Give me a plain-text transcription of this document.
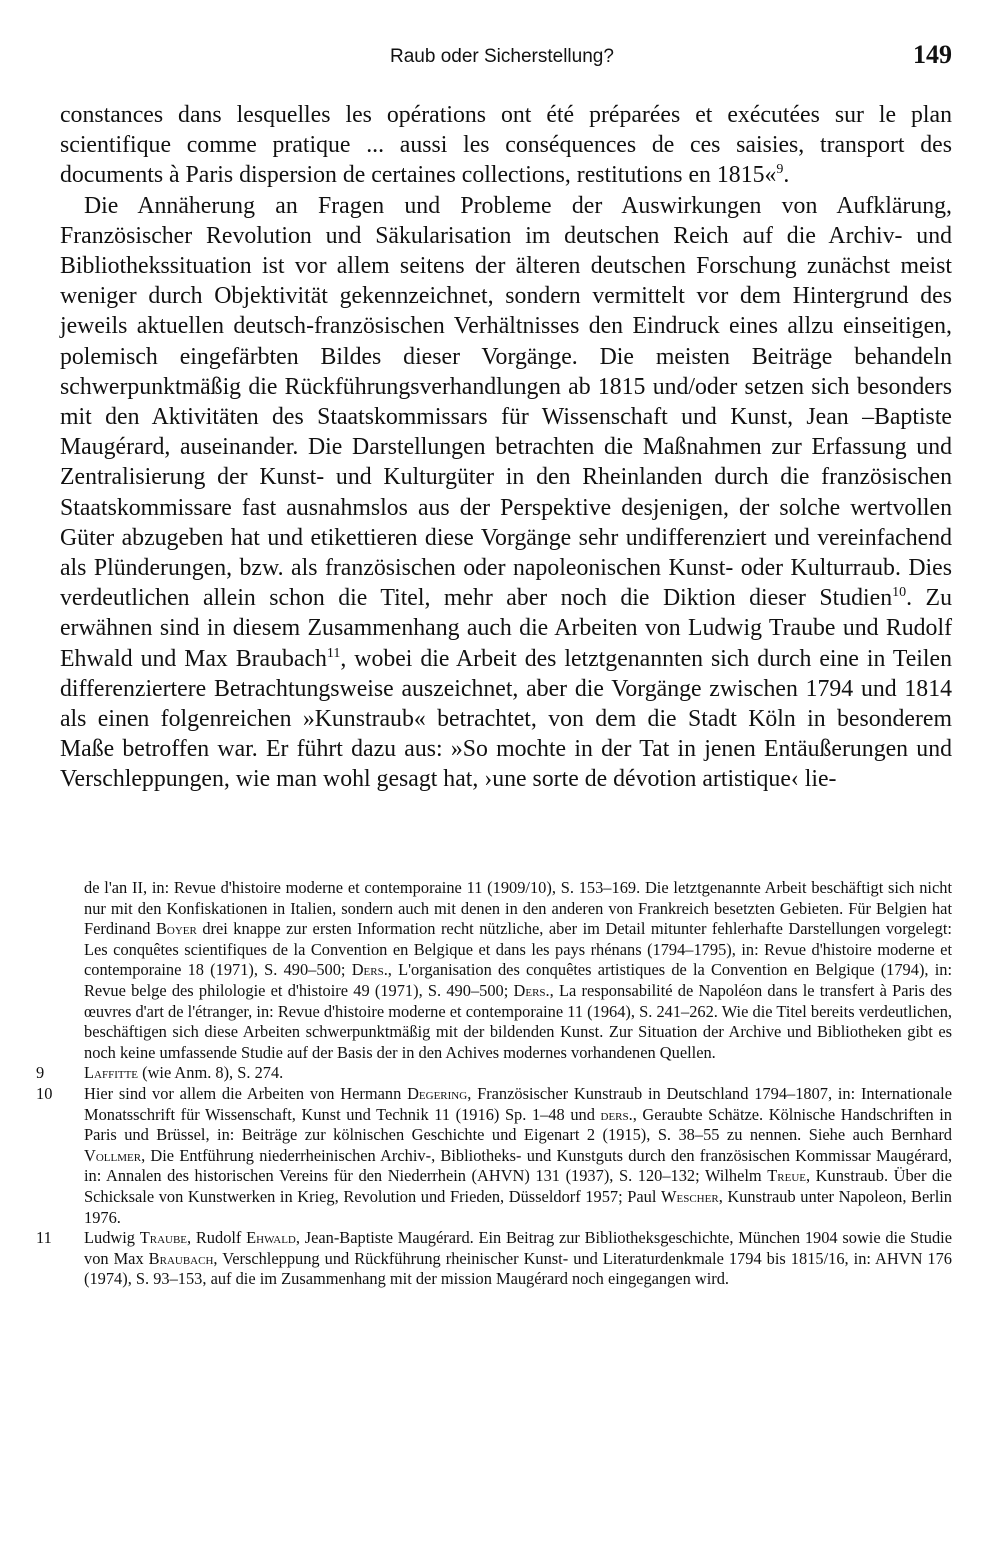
Raub oder Sicherstellung?	149

constances dans lesquelles les opérations ont été préparées et exécutées sur le plan scientifique comme pratique ... aussi les conséquences de ces saisies, transport des documents à Paris dispersion de certaines collections, restitutions en 1815«$^9$.

Die Annäherung an Fragen und Probleme der Auswirkungen von Aufklärung, Französischer Revolution und Säkularisation im deutschen Reich auf die Archiv- und Bibliothekssituation ist vor allem seitens der älteren deutschen Forschung zunächst meist weniger durch Objektivität gekennzeichnet, sondern vermittelt vor dem Hintergrund des jeweils aktuellen deutsch-französischen Verhältnisses den Eindruck eines allzu einseitigen, polemisch eingefärbten Bildes dieser Vorgänge. Die meisten Beiträge behandeln schwerpunktmäßig die Rückführungsverhandlungen ab 1815 und/oder setzen sich besonders mit den Aktivitäten des Staatskommissars für Wissenschaft und Kunst, Jean –Baptiste Maugérard, auseinander. Die Darstellungen betrachten die Maßnahmen zur Erfassung und Zentralisierung der Kunst- und Kulturgüter in den Rheinlanden durch die französischen Staatskommissare fast ausnahmslos aus der Perspektive desjenigen, der solche wertvollen Güter abzugeben hat und etikettieren diese Vorgänge sehr undifferenziert und vereinfachend als Plünderungen, bzw. als französischen oder napoleonischen Kunst- oder Kulturraub. Dies verdeutlichen allein schon die Titel, mehr aber noch die Diktion dieser Studien$^{10}$. Zu erwähnen sind in diesem Zusammenhang auch die Arbeiten von Ludwig Traube und Rudolf Ehwald und Max Braubach$^{11}$, wobei die Arbeit des letztgenannten sich durch eine in Teilen differenziertere Betrachtungsweise auszeichnet, aber die Vorgänge zwischen 1794 und 1814 als einen folgenreichen »Kunstraub« betrachtet, von dem die Stadt Köln in besonderem Maße betroffen war. Er führt dazu aus: »So mochte in der Tat in jenen Entäußerungen und Verschleppungen, wie man wohl gesagt hat, ›une sorte de dévotion artistique‹ lie-

de l'an II, in: Revue d'histoire moderne et contemporaine 11 (1909/10), S. 153–169. Die letztgenannte Arbeit beschäftigt sich nicht nur mit den Konfiskationen in Italien, sondern auch mit denen in den anderen von Frankreich besetzten Gebieten. Für Belgien hat Ferdinand Boyer drei knappe zur ersten Information recht nützliche, aber im Detail mitunter fehlerhafte Darstellungen vorgelegt: Les conquêtes scientifiques de la Convention en Belgique et dans les pays rhénans (1794–1795), in: Revue d'histoire moderne et contemporaine 18 (1971), S. 490–500; Ders., L'organisation des conquêtes artistiques de la Convention en Belgique (1794), in: Revue belge des philologie et d'histoire 49 (1971), S. 490–500; Ders., La responsabilité de Napoléon dans le transfert à Paris des œuvres d'art de l'étranger, in: Revue d'histoire moderne et contemporaine 11 (1964), S. 241–262. Wie die Titel bereits verdeutlichen, beschäftigen sich diese Arbeiten schwerpunktmäßig mit der bildenden Kunst. Zur Situation der Archive und Bibliotheken gibt es noch keine umfassende Studie auf der Basis der in den Achives modernes vorhandenen Quellen.

9	Laffitte (wie Anm. 8), S. 274.

10	Hier sind vor allem die Arbeiten von Hermann Degering, Französischer Kunstraub in Deutschland 1794–1807, in: Internationale Monatsschrift für Wissenschaft, Kunst und Technik 11 (1916) Sp. 1–48 und ders., Geraubte Schätze. Kölnische Handschriften in Paris und Brüssel, in: Beiträge zur kölnischen Geschichte und Eigenart 2 (1915), S. 38–55 zu nennen. Siehe auch Bernhard Vollmer, Die Entführung niederrheinischen Archiv-, Bibliotheks- und Kunstguts durch den französischen Kommissar Maugérard, in: Annalen des historischen Vereins für den Niederrhein (AHVN) 131 (1937), S. 120–132; Wilhelm Treue, Kunstraub. Über die Schicksale von Kunstwerken in Krieg, Revolution und Frieden, Düsseldorf 1957; Paul Wescher, Kunstraub unter Napoleon, Berlin 1976.

11	Ludwig Traube, Rudolf Ehwald, Jean-Baptiste Maugérard. Ein Beitrag zur Bibliotheksgeschichte, München 1904 sowie die Studie von Max Braubach, Verschleppung und Rückführung rheinischer Kunst- und Literaturdenkmale 1794 bis 1815/16, in: AHVN 176 (1974), S. 93–153, auf die im Zusammenhang mit der mission Maugérard noch eingegangen wird.
